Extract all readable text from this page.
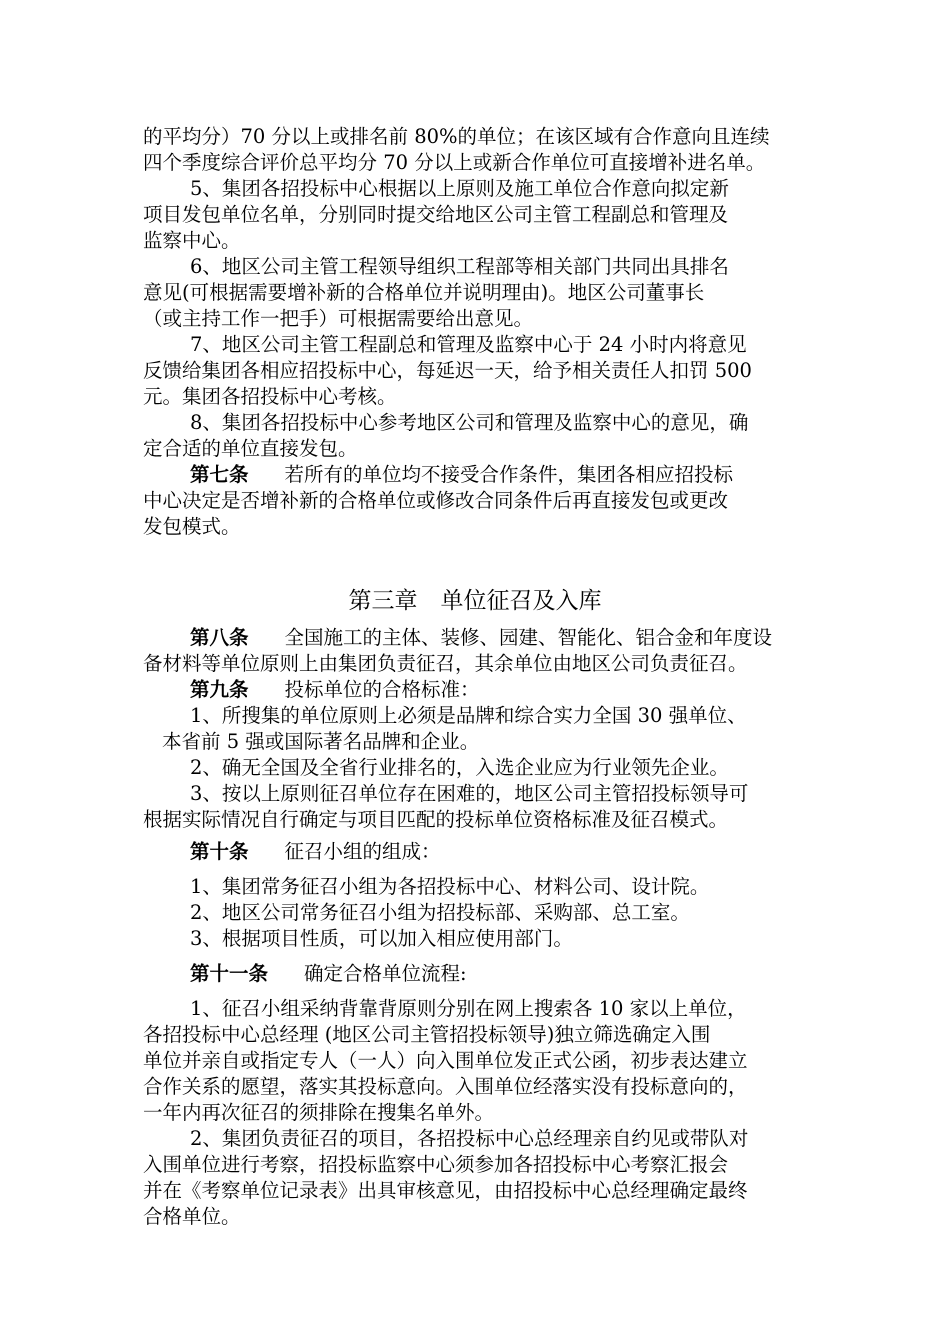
的平均分）70 分以上或排名前 80%的单位；在该区域有合作意向且连续
四个季度综合评价总平均分 70 分以上或新合作单位可直接增补进名单。
5、集团各招投标中心根据以上原则及施工单位合作意向拟定新
项目发包单位名单，分别同时提交给地区公司主管工程副总和管理及
监察中心。
6、地区公司主管工程领导组织工程部等相关部门共同出具排名
意见(可根据需要增补新的合格单位并说明理由)。地区公司董事长
（或主持工作一把手）可根据需要给出意见。
7、地区公司主管工程副总和管理及监察中心于 24 小时内将意见
反馈给集团各相应招投标中心，每延迟一天，给予相关责任人扣罚 500
元。集团各招投标中心考核。
8、集团各招投标中心参考地区公司和管理及监察中心的意见，确
定合适的单位直接发包。
第七条 若所有的单位均不接受合作条件，集团各相应招投标
中心决定是否增补新的合格单位或修改合同条件后再直接发包或更改
发包模式。
第三章　单位征召及入库
第八条 全国施工的主体、装修、园建、智能化、铝合金和年度设
备材料等单位原则上由集团负责征召，其余单位由地区公司负责征召。
第九条 投标单位的合格标准：
1、所搜集的单位原则上必须是品牌和综合实力全国 30 强单位、
本省前 5 强或国际著名品牌和企业。
2、确无全国及全省行业排名的，入选企业应为行业领先企业。
3、按以上原则征召单位存在困难的，地区公司主管招投标领导可
根据实际情况自行确定与项目匹配的投标单位资格标准及征召模式。
第十条 征召小组的组成：
1、集团常务征召小组为各招投标中心、材料公司、设计院。
2、地区公司常务征召小组为招投标部、采购部、总工室。
3、根据项目性质，可以加入相应使用部门。
第十一条 确定合格单位流程:
1、征召小组采纳背靠背原则分别在网上搜索各 10 家以上单位，
各招投标中心总经理 (地区公司主管招投标领导)独立筛选确定入围
单位并亲自或指定专人（一人）向入围单位发正式公函，初步表达建立
合作关系的愿望，落实其投标意向。入围单位经落实没有投标意向的，
一年内再次征召的须排除在搜集名单外。
2、集团负责征召的项目，各招投标中心总经理亲自约见或带队对
入围单位进行考察，招投标监察中心须参加各招投标中心考察汇报会
并在《考察单位记录表》出具审核意见，由招投标中心总经理确定最终
合格单位。
